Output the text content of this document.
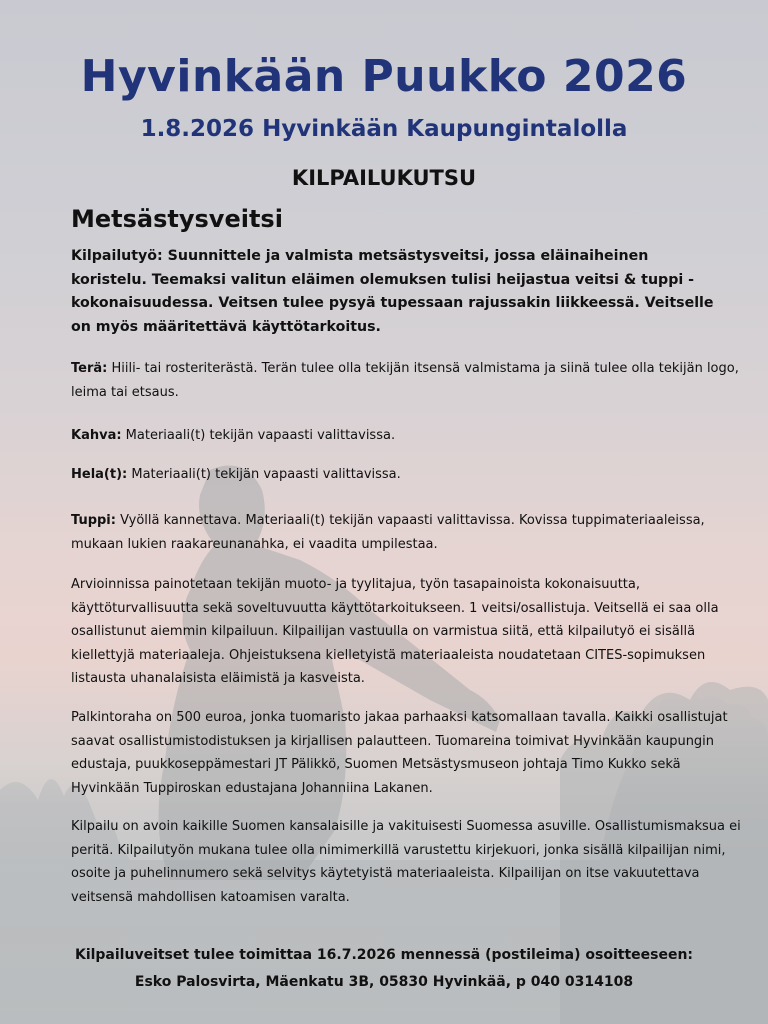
Hyvinkään Puukko 2026
1.8.2026 Hyvinkään Kaupungintalolla
KILPAILUKUTSU
Metsästysveitsi

Kilpailutyö: Suunnittele ja valmista metsästysveitsi, jossa eläinaiheinen koristelu. Teemaksi valitun eläimen olemuksen tulisi heijastua veitsi & tuppi -kokonaisuudessa. Veitsen tulee pysyä tupessaan rajussakin liikkeessä. Veitselle on myös määritettävä käyttötarkoitus.

Terä: Hiili- tai rosteriterästä. Terän tulee olla tekijän itsensä valmistama ja siinä tulee olla tekijän logo, leima tai etsaus.

Kahva: Materiaali(t) tekijän vapaasti valittavissa.

Hela(t): Materiaali(t) tekijän vapaasti valittavissa.

Tuppi: Vyöllä kannettava. Materiaali(t) tekijän vapaasti valittavissa. Kovissa tuppimateriaaleissa, mukaan lukien raakareunanahka, ei vaadita umpilestaa.

Arvioinnissa painotetaan tekijän muoto- ja tyylitajua, työn tasapainoista kokonaisuutta, käyttöturvallisuutta sekä soveltuvuutta käyttötarkoitukseen. 1 veitsi/osallistuja. Veitsellä ei saa olla osallistunut aiemmin kilpailuun. Kilpailijan vastuulla on varmistua siitä, että kilpailutyö ei sisällä kiellettyjä materiaaleja. Ohjeistuksena kielletyistä materiaaleista noudatetaan CITES-sopimuksen listausta uhanalaisista eläimistä ja kasveista.

Palkintoraha on 500 euroa, jonka tuomaristo jakaa parhaaksi katsomallaan tavalla. Kaikki osallistujat saavat osallistumistodistuksen ja kirjallisen palautteen. Tuomareina toimivat Hyvinkään kaupungin edustaja, puukkoseppämestari JT Pälikkö, Suomen Metsästysmuseon johtaja Timo Kukko sekä Hyvinkään Tuppiroskan edustajana Johanniina Lakanen.

Kilpailu on avoin kaikille Suomen kansalaisille ja vakituisesti Suomessa asuville. Osallistumismaksua ei peritä. Kilpailutyön mukana tulee olla nimimerkillä varustettu kirjekuori, jonka sisällä kilpailijan nimi, osoite ja puhelinnumero sekä selvitys käytetyistä materiaaleista. Kilpailijan on itse vakuutettava veitsensä mahdollisen katoamisen varalta.

Kilpailuveitset tulee toimittaa 16.7.2026 mennessä (postileima) osoitteeseen:
Esko Palosvirta, Mäenkatu 3B, 05830 Hyvinkää, p 040 0314108
